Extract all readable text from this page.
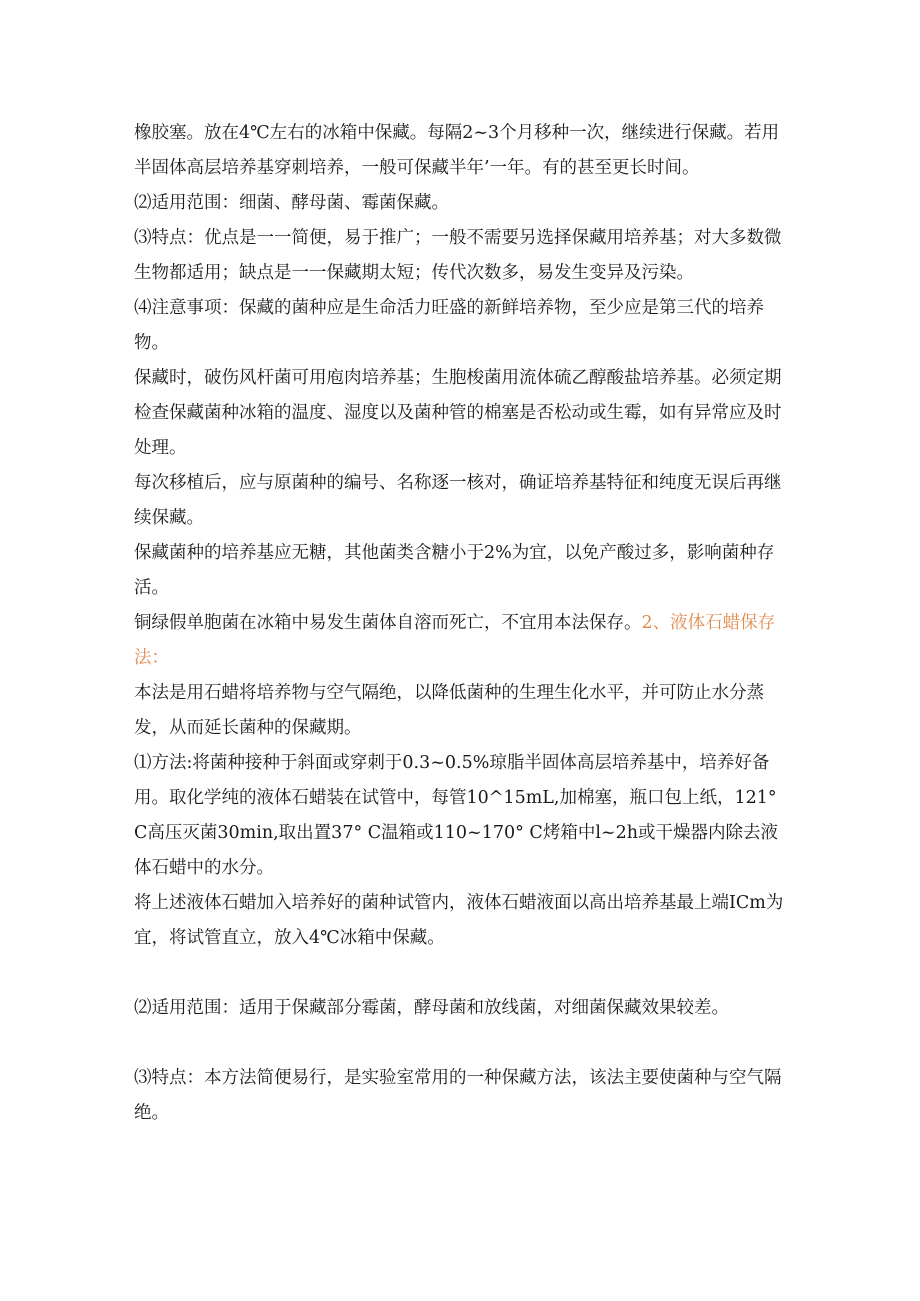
橡胶塞。放在4℃左右的冰箱中保藏。每隔2~3个月移种一次，继续进行保藏。若用半固体高层培养基穿刺培养，一般可保藏半年’一年。有的甚至更长时间。

⑵适用范围：细菌、酵母菌、霉菌保藏。

⑶特点：优点是一一简便，易于推广；一般不需要另选择保藏用培养基；对大多数微生物都适用；缺点是一一保藏期太短；传代次数多，易发生变异及污染。

⑷注意事项：保藏的菌种应是生命活力旺盛的新鲜培养物，至少应是第三代的培养物。

保藏时，破伤风杆菌可用庖肉培养基；生胞梭菌用流体硫乙醇酸盐培养基。必须定期检查保藏菌种冰箱的温度、湿度以及菌种管的棉塞是否松动或生霉，如有异常应及时处理。

每次移植后，应与原菌种的编号、名称逐一核对，确证培养基特征和纯度无误后再继续保藏。

保藏菌种的培养基应无糖，其他菌类含糖小于2%为宜，以免产酸过多，影响菌种存活。

铜绿假单胞菌在冰箱中易发生菌体自溶而死亡，不宜用本法保存。2、液体石蜡保存法：

本法是用石蜡将培养物与空气隔绝，以降低菌种的生理生化水平，并可防止水分蒸发，从而延长菌种的保藏期。

⑴方法:将菌种接种于斜面或穿刺于0.3~0.5%琼脂半固体高层培养基中，培养好备用。取化学纯的液体石蜡装在试管中，每管10^15mL,加棉塞，瓶口包上纸，121° C高压灭菌30min,取出置37° C温箱或110~170° C烤箱中l~2h或干燥器内除去液体石蜡中的水分。

将上述液体石蜡加入培养好的菌种试管内，液体石蜡液面以高出培养基最上端ICm为宜，将试管直立，放入4℃冰箱中保藏。

⑵适用范围：适用于保藏部分霉菌，酵母菌和放线菌，对细菌保藏效果较差。

⑶特点：本方法简便易行，是实验室常用的一种保藏方法，该法主要使菌种与空气隔绝。
